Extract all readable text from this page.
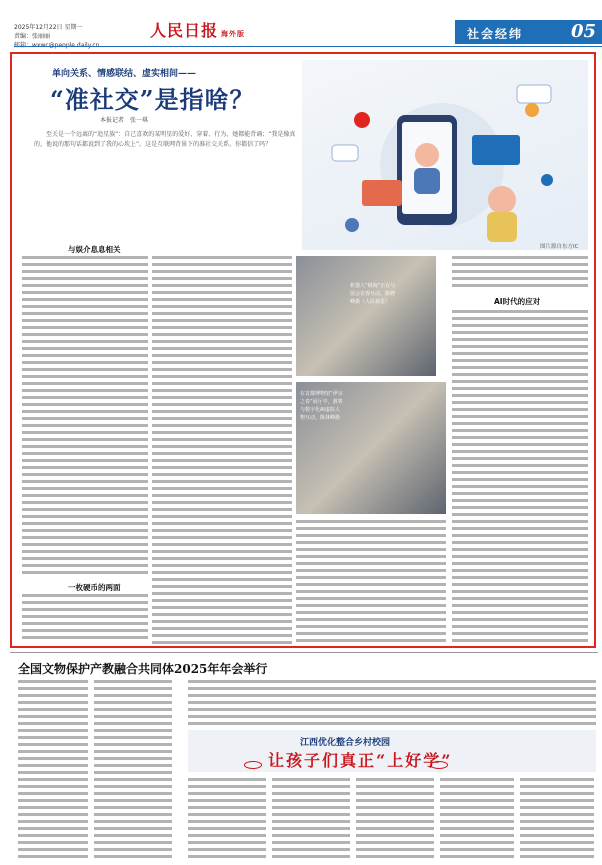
2025年12月22日 星期一
责编：张丽丽	人民日报 海外版	社会经纬	05
单向关系、情感联结、虚实相间——
“准社交”是指啥？
本报记者　张一琪
至关是一个远离的“追星族”：自己喜欢的某明星的爱好、穿着、行为，她都能背诵；“我是像真的，他说的那句话都说到了我的心坎上”。这是互联网背景下的准社交关系。你都信了吗？
图片源自东方IC
与娱介息息相关
一枚硬币的两面
机器人“桃淘”正在与展会访客互动。陈晓峰摄（人民视觉）
在首都博物馆“伊尔之春”展厅中，游客与数字化AI虚拟人物互动。陈林峰摄
AI时代的应对
全国文物保护产教融合共同体2025年年会举行
江西优化整合乡村校园
让孩子们真正“上好学”
